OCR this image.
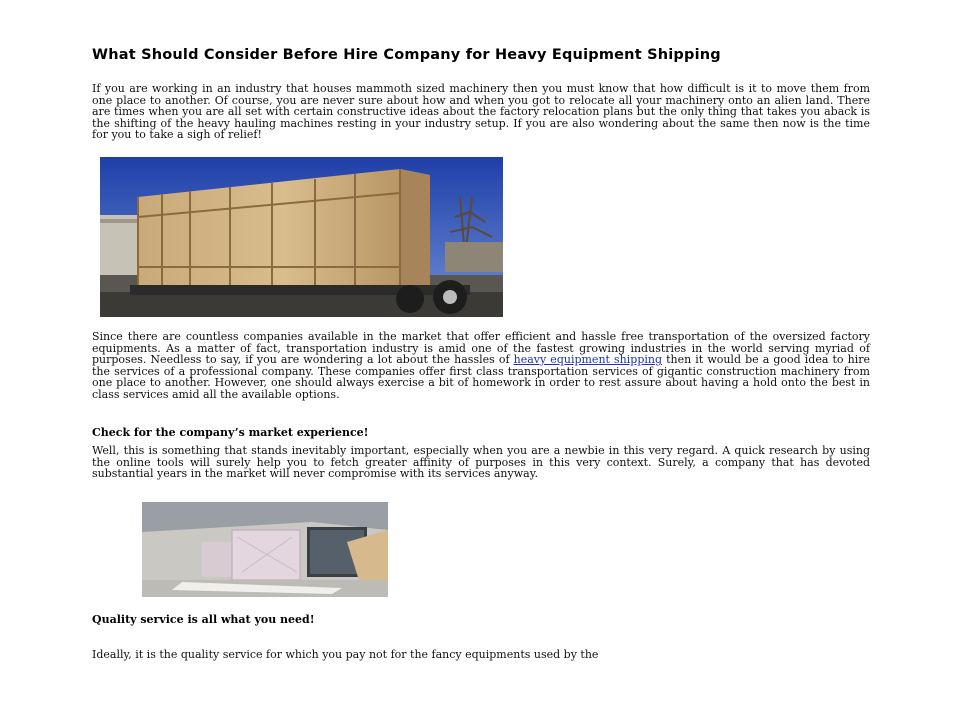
What Should Consider Before Hire Company for Heavy Equipment Shipping

If you are working in an industry that houses mammoth sized machinery then you must know that how difficult is it to move them from one place to another. Of course, you are never sure about how and when you got to relocate all your machinery onto an alien land. There are times when you are all set with certain constructive ideas about the factory relocation plans but the only thing that takes you aback is the shifting of the heavy hauling machines resting in your industry setup. If you are also wondering about the same then now is the time for you to take a sigh of relief!

Since there are countless companies available in the market that offer efficient and hassle free transportation of the oversized factory equipments. As a matter of fact, transportation industry is amid one of the fastest growing industries in the world serving myriad of purposes. Needless to say, if you are wondering a lot about the hassles of heavy equipment shipping then it would be a good idea to hire the services of a professional company. These companies offer first class transportation services of gigantic construction machinery from one place to another. However, one should always exercise a bit of homework in order to rest assure about having a hold onto the best in class services amid all the available options.

Check for the company’s market experience!

Well, this is something that stands inevitably important, especially when you are a newbie in this very regard. A quick research by using the online tools will surely help you to fetch greater affinity of purposes in this very context. Surely, a company that has devoted substantial years in the market will never compromise with its services anyway.

Quality service is all what you need!

Ideally, it is the quality service for which you pay not for the fancy equipments used by the
